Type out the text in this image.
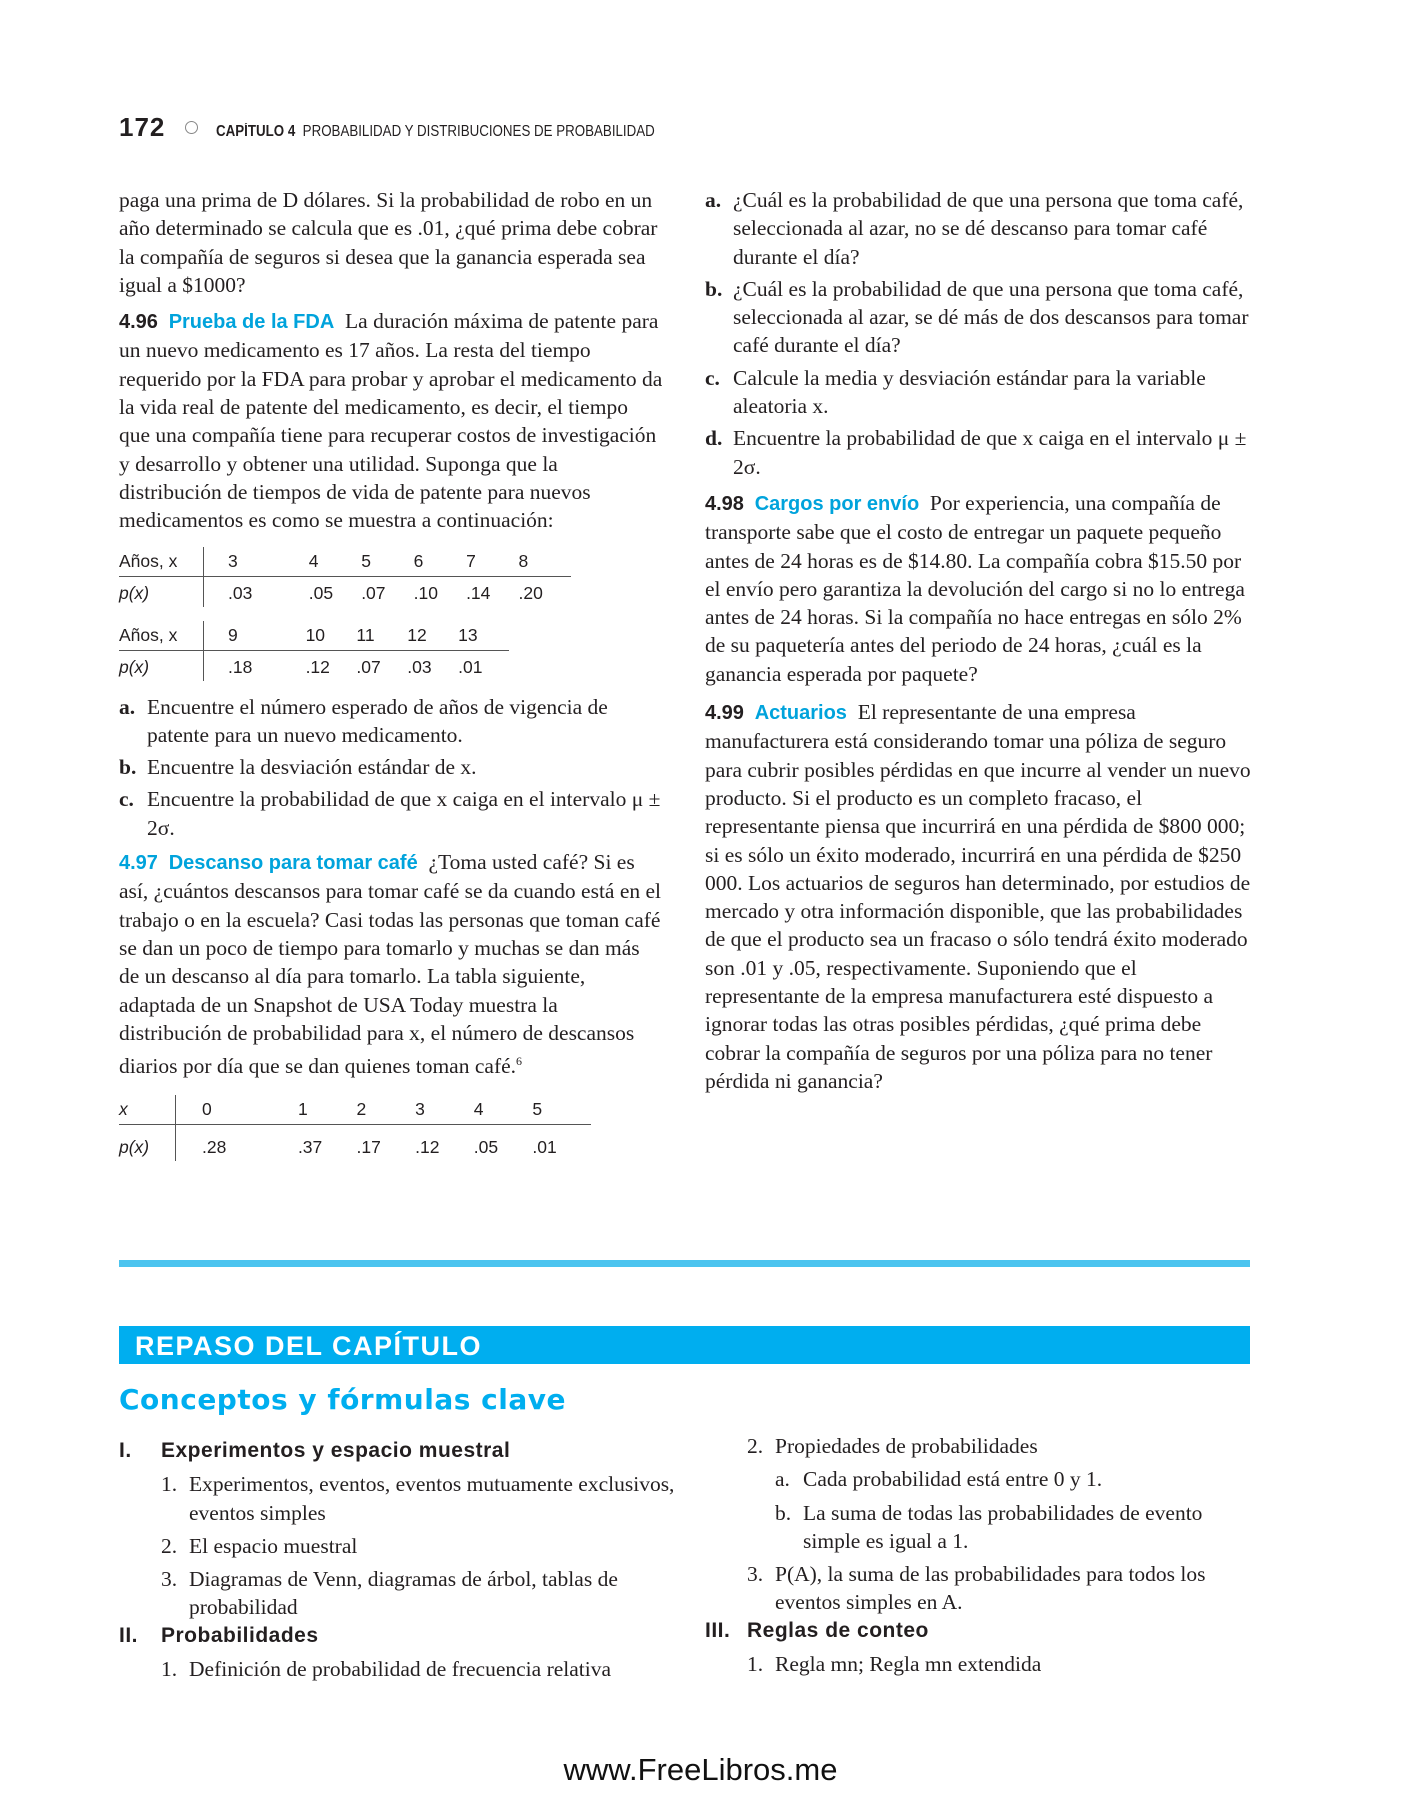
172	CAPÍTULO 4 PROBABILIDAD Y DISTRIBUCIONES DE PROBABILIDAD

paga una prima de D dólares. Si la probabilidad de robo en un año determinado se calcula que es .01, ¿qué prima debe cobrar la compañía de seguros si desea que la ganancia esperada sea igual a $1000?

4.96 Prueba de la FDA La duración máxima de patente para un nuevo medicamento es 17 años. La resta del tiempo requerido por la FDA para probar y aprobar el medicamento da la vida real de patente del medicamento, es decir, el tiempo que una compañía tiene para recuperar costos de investigación y desarrollo y obtener una utilidad. Suponga que la distribución de tiempos de vida de patente para nuevos medicamentos es como se muestra a continuación:

Años, x	3	4	5	6	7	8
p(x)	.03	.05	.07	.10	.14	.20
Años, x	9	10	11	12	13
p(x)	.18	.12	.07	.03	.01
a. Encuentre el número esperado de años de vigencia de patente para un nuevo medicamento.
b. Encuentre la desviación estándar de x.
c. Encuentre la probabilidad de que x caiga en el intervalo μ ± 2σ.

4.97 Descanso para tomar café ¿Toma usted café? Si es así, ¿cuántos descansos para tomar café se da cuando está en el trabajo o en la escuela? Casi todas las personas que toman café se dan un poco de tiempo para tomarlo y muchas se dan más de un descanso al día para tomarlo. La tabla siguiente, adaptada de un Snapshot de USA Today muestra la distribución de probabilidad para x, el número de descansos diarios por día que se dan quienes toman café.$^6$

x	0	1	2	3	4	5
p(x)	.28	.37	.17	.12	.05	.01
a. ¿Cuál es la probabilidad de que una persona que toma café, seleccionada al azar, no se dé descanso para tomar café durante el día?
b. ¿Cuál es la probabilidad de que una persona que toma café, seleccionada al azar, se dé más de dos descansos para tomar café durante el día?
c. Calcule la media y desviación estándar para la variable aleatoria x.
d. Encuentre la probabilidad de que x caiga en el intervalo μ ± 2σ.

4.98 Cargos por envío Por experiencia, una compañía de transporte sabe que el costo de entregar un paquete pequeño antes de 24 horas es de $14.80. La compañía cobra $15.50 por el envío pero garantiza la devolución del cargo si no lo entrega antes de 24 horas. Si la compañía no hace entregas en sólo 2% de su paquetería antes del periodo de 24 horas, ¿cuál es la ganancia esperada por paquete?

4.99 Actuarios El representante de una empresa manufacturera está considerando tomar una póliza de seguro para cubrir posibles pérdidas en que incurre al vender un nuevo producto. Si el producto es un completo fracaso, el representante piensa que incurrirá en una pérdida de $800 000; si es sólo un éxito moderado, incurrirá en una pérdida de $250 000. Los actuarios de seguros han determinado, por estudios de mercado y otra información disponible, que las probabilidades de que el producto sea un fracaso o sólo tendrá éxito moderado son .01 y .05, respectivamente. Suponiendo que el representante de la empresa manufacturera esté dispuesto a ignorar todas las otras posibles pérdidas, ¿qué prima debe cobrar la compañía de seguros por una póliza para no tener pérdida ni ganancia?

REPASO DEL CAPÍTULO
Conceptos y fórmulas clave
I.	Experimentos y espacio muestral
1. Experimentos, eventos, eventos mutuamente exclusivos, eventos simples
2. El espacio muestral
3. Diagramas de Venn, diagramas de árbol, tablas de probabilidad
II.	Probabilidades
1. Definición de probabilidad de frecuencia relativa
2. Propiedades de probabilidades
a. Cada probabilidad está entre 0 y 1.
b. La suma de todas las probabilidades de evento simple es igual a 1.
3. P(A), la suma de las probabilidades para todos los eventos simples en A.
III. Reglas de conteo
1. Regla mn; Regla mn extendida
www.FreeLibros.me
